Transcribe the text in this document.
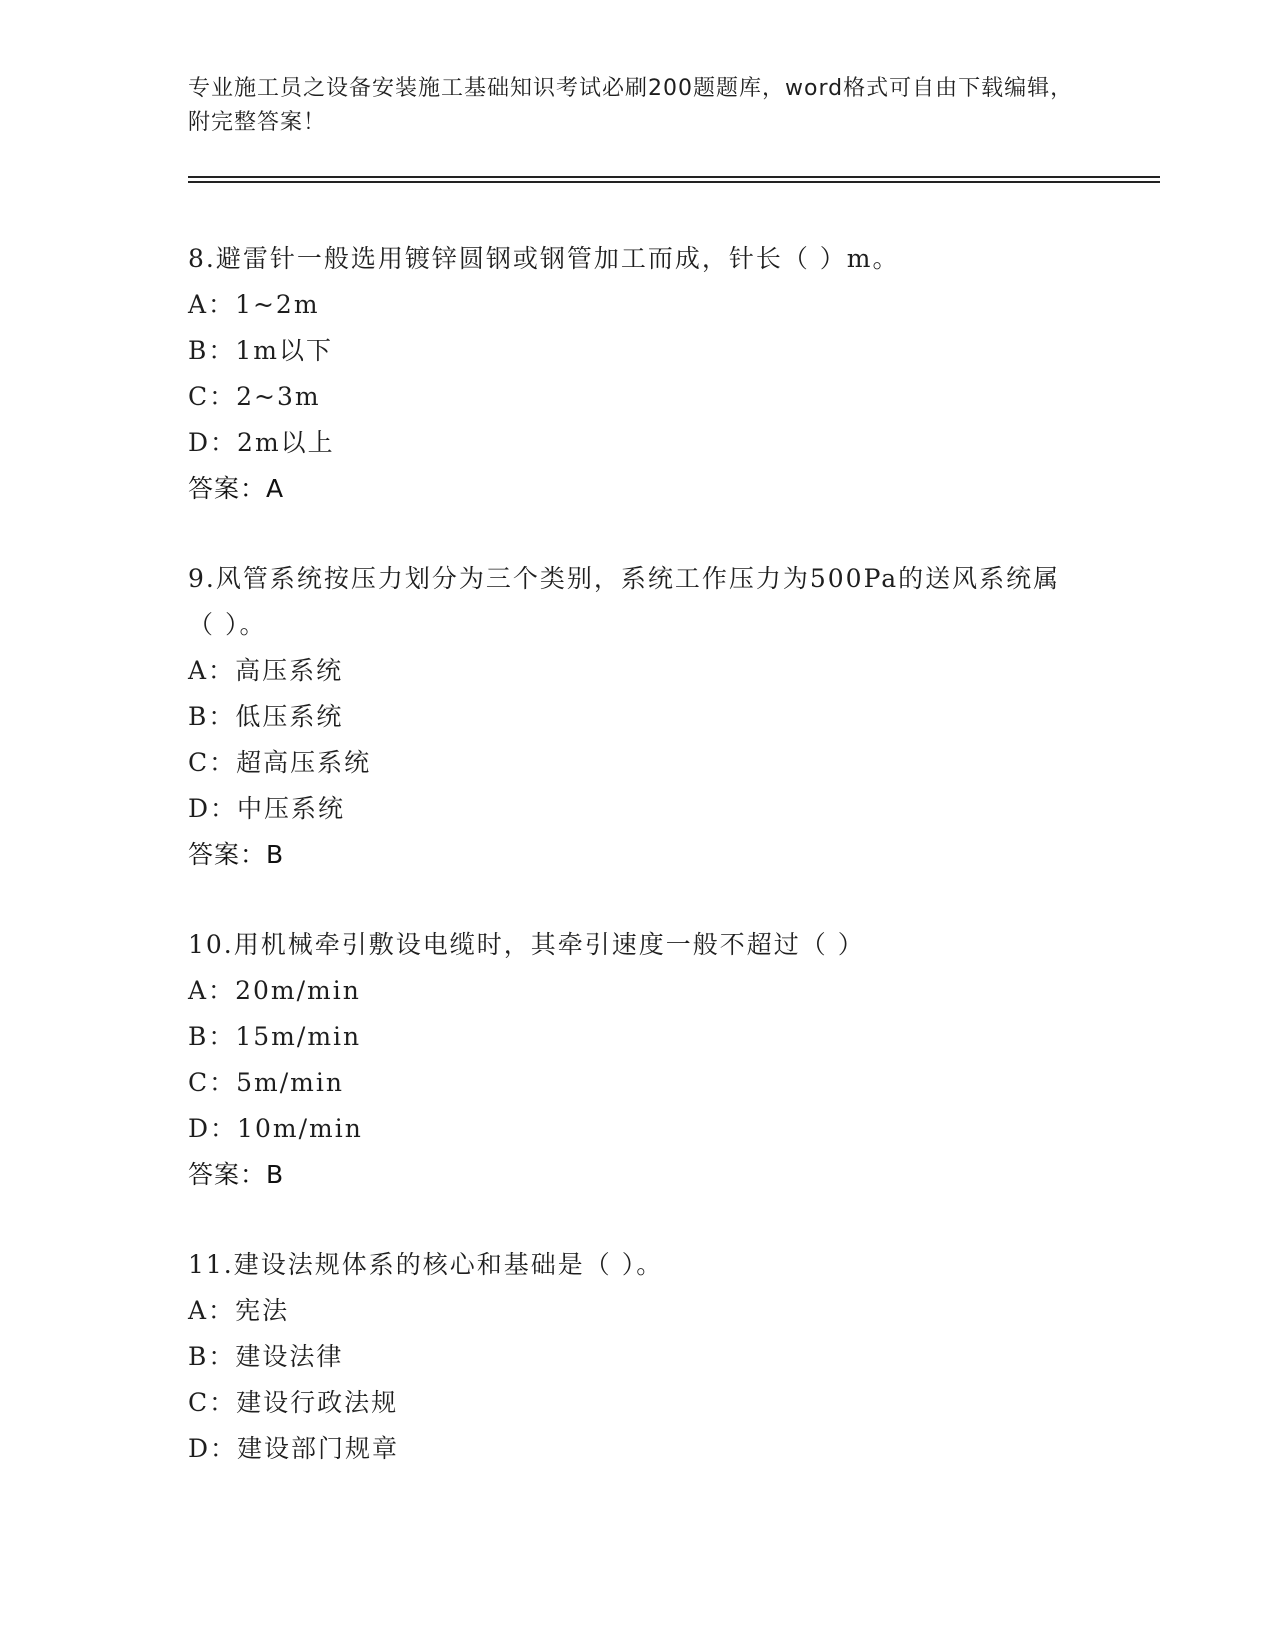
专业施工员之设备安装施工基础知识考试必刷200题题库，word格式可自由下载编辑，附完整答案！
8.避雷针一般选用镀锌圆钢或钢管加工而成，针长（ ）m。
A：1~2m
B：1m以下
C：2~3m
D：2m以上
答案：A
9.风管系统按压力划分为三个类别，系统工作压力为500Pa的送风系统属（ ）。
A：高压系统
B：低压系统
C：超高压系统
D：中压系统
答案：B
10.用机械牵引敷设电缆时，其牵引速度一般不超过（ ）
A：20m/min
B：15m/min
C：5m/min
D：10m/min
答案：B
11.建设法规体系的核心和基础是（ ）。
A：宪法
B：建设法律
C：建设行政法规
D：建设部门规章
